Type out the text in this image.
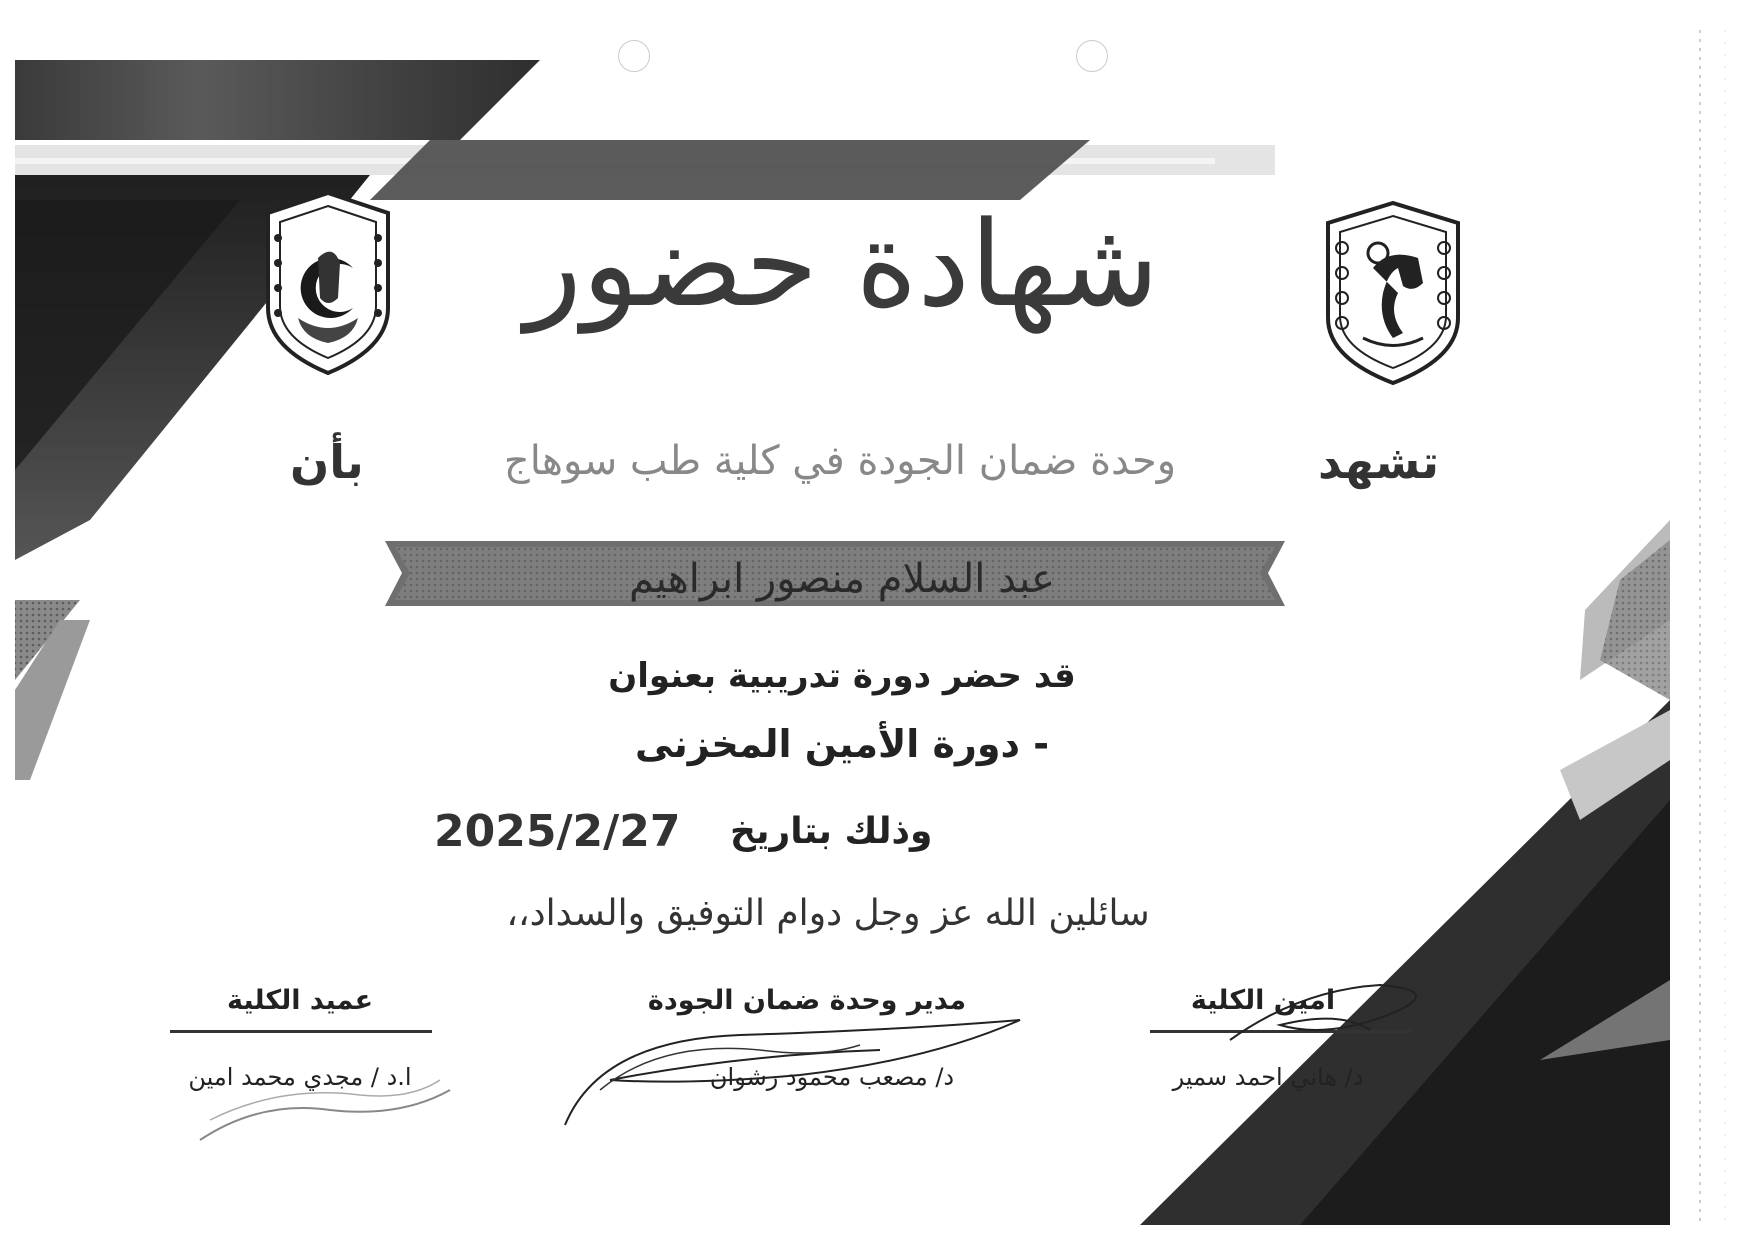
شهادة حضور
تشهد
وحدة ضمان الجودة في كلية طب سوهاج
بأن
عبد السلام منصور ابراهيم
قد حضر دورة تدريبية بعنوان
- دورة الأمين المخزنى
وذلك بتاريخ
2025/2/27
سائلين الله عز وجل دوام التوفيق والسداد،،
امين الكلية
د/ هاني احمد سمير
مدير وحدة ضمان الجودة
د/ مصعب محمود رشوان
عميد الكلية
ا.د / مجدي محمد امين
